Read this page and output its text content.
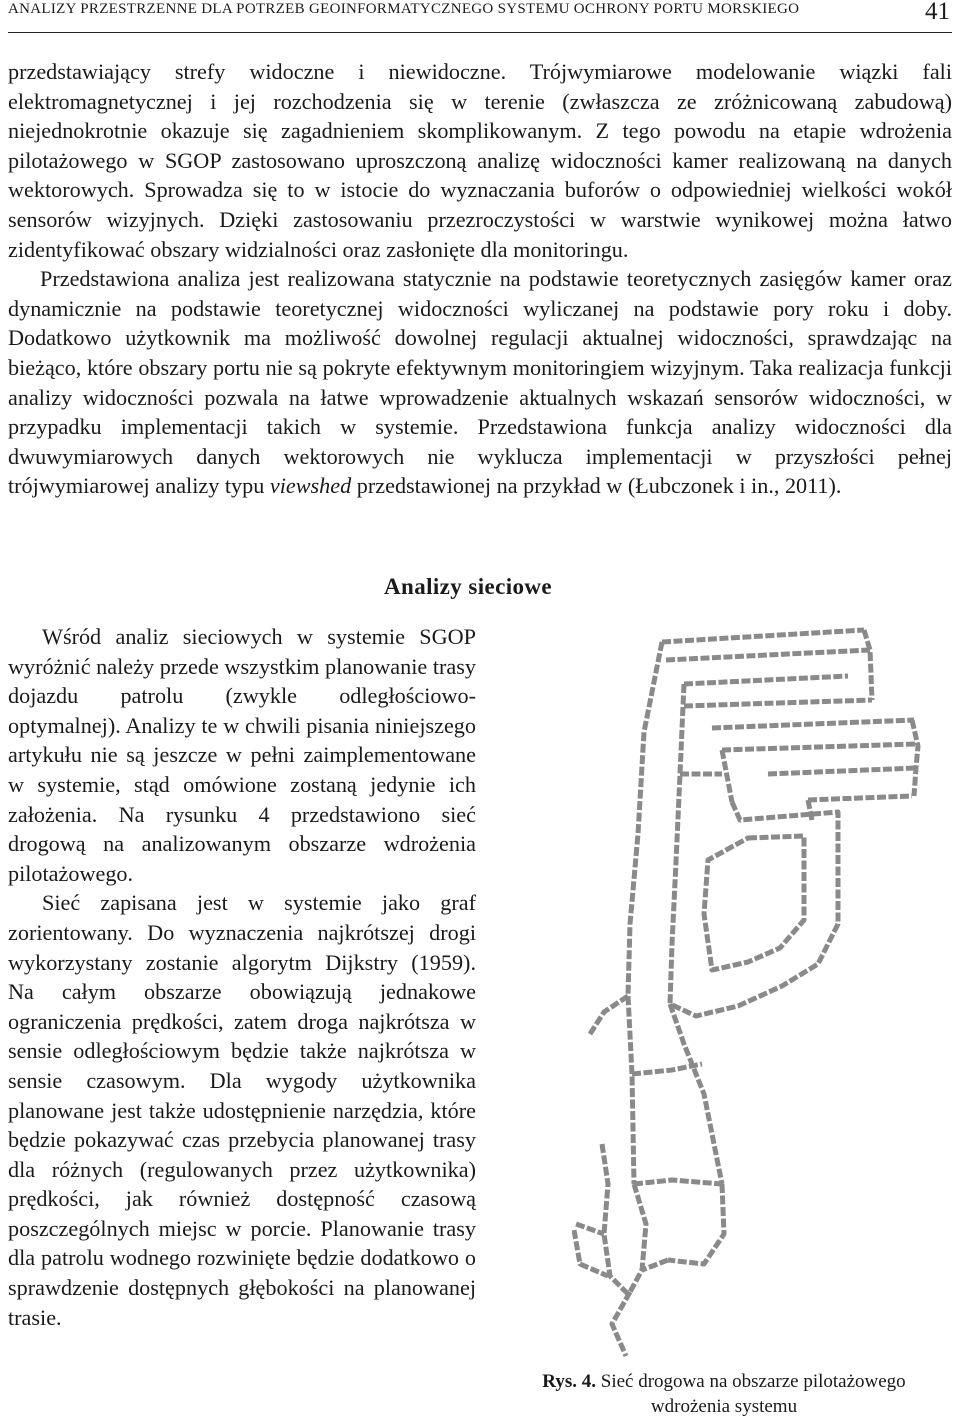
ANALIZY PRZESTRZENNE DLA POTRZEB GEOINFORMATYCZNEGO SYSTEMU OCHRONY PORTU MORSKIEGO	41

przedstawiający strefy widoczne i niewidoczne. Trójwymiarowe modelowanie wiązki fali elektromagnetycznej i jej rozchodzenia się w terenie (zwłaszcza ze zróżnicowaną zabudową) niejednokrotnie okazuje się zagadnieniem skomplikowanym. Z tego powodu na etapie wdrożenia pilotażowego w SGOP zastosowano uproszczoną analizę widoczności kamer realizowaną na danych wektorowych. Sprowadza się to w istocie do wyznaczania buforów o odpowiedniej wielkości wokół sensorów wizyjnych. Dzięki zastosowaniu przezroczystości w warstwie wynikowej można łatwo zidentyfikować obszary widzialności oraz zasłonięte dla monitoringu.

Przedstawiona analiza jest realizowana statycznie na podstawie teoretycznych zasięgów kamer oraz dynamicznie na podstawie teoretycznej widoczności wyliczanej na podstawie pory roku i doby. Dodatkowo użytkownik ma możliwość dowolnej regulacji aktualnej widoczności, sprawdzając na bieżąco, które obszary portu nie są pokryte efektywnym monitoringiem wizyjnym. Taka realizacja funkcji analizy widoczności pozwala na łatwe wprowadzenie aktualnych wskazań sensorów widoczności, w przypadku implementacji takich w systemie. Przedstawiona funkcja analizy widoczności dla dwuwymiarowych danych wektorowych nie wyklucza implementacji w przyszłości pełnej trójwymiarowej analizy typu viewshed przedstawionej na przykład w (Łubczonek i in., 2011).

Analizy sieciowe

Wśród analiz sieciowych w systemie SGOP wyróżnić należy przede wszystkim planowanie trasy dojazdu patrolu (zwykle odległościowo-optymalnej). Analizy te w chwili pisania niniejszego artykułu nie są jeszcze w pełni zaimplementowane w systemie, stąd omówione zostaną jedynie ich założenia. Na rysunku 4 przedstawiono sieć drogową na analizowanym obszarze wdrożenia pilotażowego.

Sieć zapisana jest w systemie jako graf zorientowany. Do wyznaczenia najkrótszej drogi wykorzystany zostanie algorytm Dijkstry (1959). Na całym obszarze obowiązują jednakowe ograniczenia prędkości, zatem droga najkrótsza w sensie odległościowym będzie także najkrótsza w sensie czasowym. Dla wygody użytkownika planowane jest także udostępnienie narzędzia, które będzie pokazywać czas przebycia planowanej trasy dla różnych (regulowanych przez użytkownika) prędkości, jak również dostępność czasową poszczególnych miejsc w porcie. Planowanie trasy dla patrolu wodnego rozwinięte będzie dodatkowo o sprawdzenie dostępnych głębokości na planowanej trasie.

Rys. 4. Sieć drogowa na obszarze pilotażowego
wdrożenia systemu
